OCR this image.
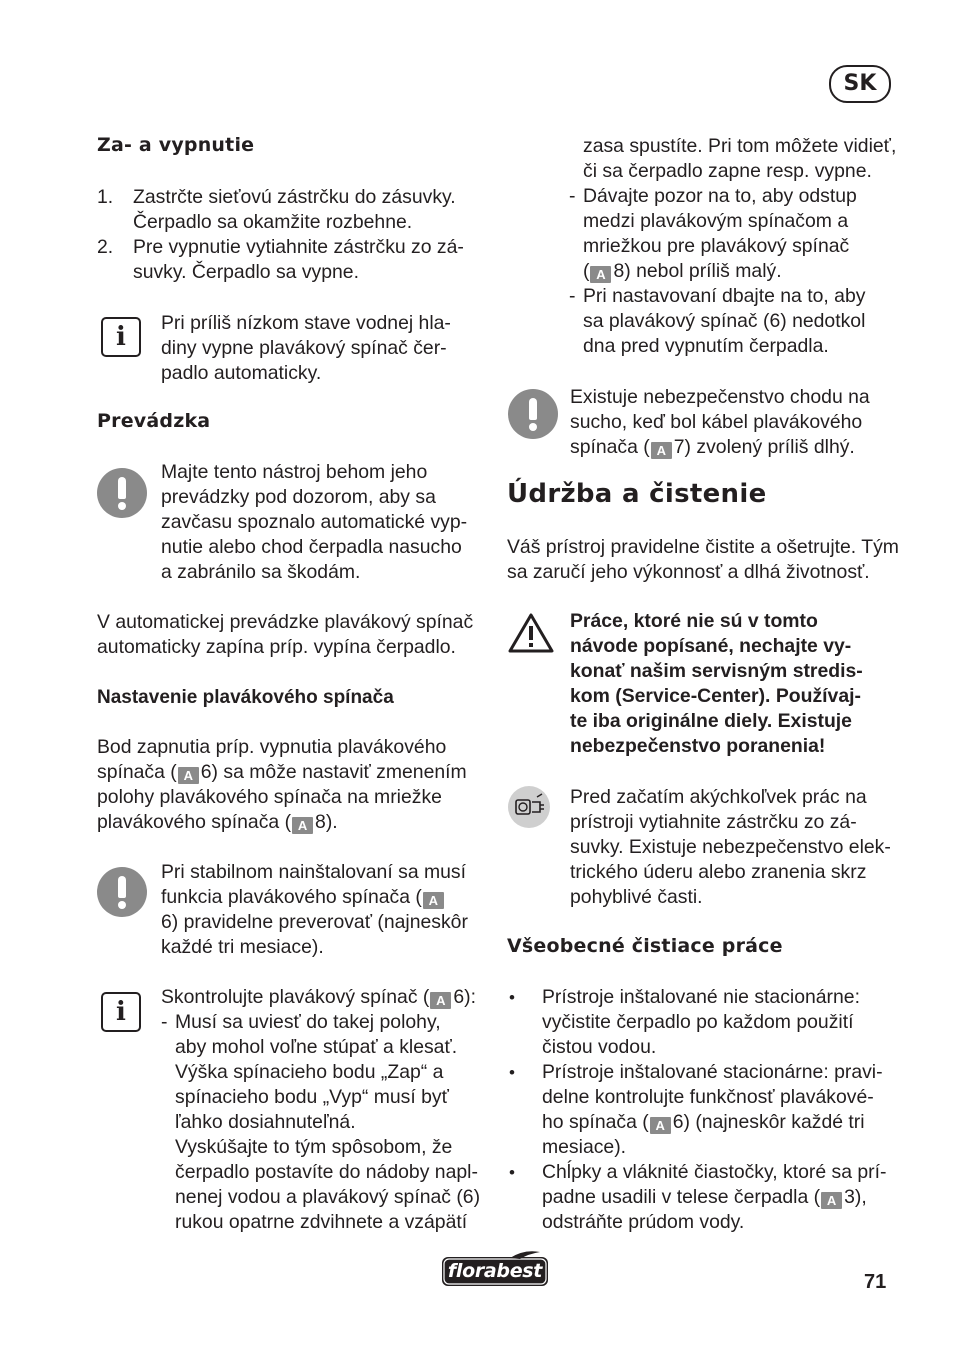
SK
Za- a vypnutie
1. Zastrčte sieťovú zástrčku do zásuvky.
Čerpadlo sa okamžite rozbehne.
2. Pre vypnutie vytiahnite zástrčku zo zá-
suvky. Čerpadlo sa vypne.
i	Pri príliš nízkom stave vodnej hla-
diny vypne plavákový spínač čer-
padlo automaticky.
Prevádzka
Majte tento nástroj behom jeho
prevádzky pod dozorom, aby sa
zavčasu spoznalo automatické vyp-
nutie alebo chod čerpadla nasucho
a zabránilo sa škodám.
V automatickej prevádzke plavákový spínač
automaticky zapína príp. vypína čerpadlo.
Nastavenie plavákového spínača
Bod zapnutia príp. vypnutia plavákového
spínača ( A 6) sa môže nastaviť zmenením
polohy plavákového spínača na mriežke
plavákového spínača ( A 8).
Pri stabilnom nainštalovaní sa musí
funkcia plavákového spínača ( A
6) pravidelne preverovať (najneskôr
každé tri mesiace).
i	Skontrolujte plavákový spínač ( A 6):
- Musí sa uviesť do takej polohy,
aby mohol voľne stúpať a klesať.
Výška spínacieho bodu „Zap“ a
spínacieho bodu „Vyp“ musí byť
ľahko dosiahnuteľná.
Vyskúšajte to tým spôsobom, že
čerpadlo postavíte do nádoby napl-
nenej vodou a plavákový spínač (6)
rukou opatrne zdvihnete a vzápätí
zasa spustíte. Pri tom môžete vidieť,
či sa čerpadlo zapne resp. vypne.
- Dávajte pozor na to, aby odstup
medzi plavákovým spínačom a
mriežkou pre plavákový spínač
( A 8) nebol príliš malý.
- Pri nastavovaní dbajte na to, aby
sa plavákový spínač (6) nedotkol
dna pred vypnutím čerpadla.
Existuje nebezpečenstvo chodu na
sucho, keď bol kábel plavákového
spínača ( A 7) zvolený príliš dlhý.
Údržba a čistenie
Váš prístroj pravidelne čistite a ošetrujte. Tým
sa zaručí jeho výkonnosť a dlhá životnosť.
Práce, ktoré nie sú v tomto
návode popísané, nechajte vy-
konať našim servisným stredis-
kom (Service-Center). Používaj-
te iba originálne diely. Existuje
nebezpečenstvo poranenia!
Pred začatím akýchkoľvek prác na
prístroji vytiahnite zástrčku zo zá-
suvky. Existuje nebezpečenstvo elek-
trického úderu alebo zranenia skrz
pohyblivé časti.
Všeobecné čistiace práce
• Prístroje inštalované nie stacionárne:
vyčistite čerpadlo po každom použití
čistou vodou.
• Prístroje inštalované stacionárne: pravi-
delne kontrolujte funkčnosť plavákové-
ho spínača ( A 6) (najneskôr každé tri
mesiace).
• Chĺpky a vláknité čiastočky, ktoré sa prí-
padne usadili v telese čerpadla ( A 3),
odstráňte prúdom vody.
florabest	71
